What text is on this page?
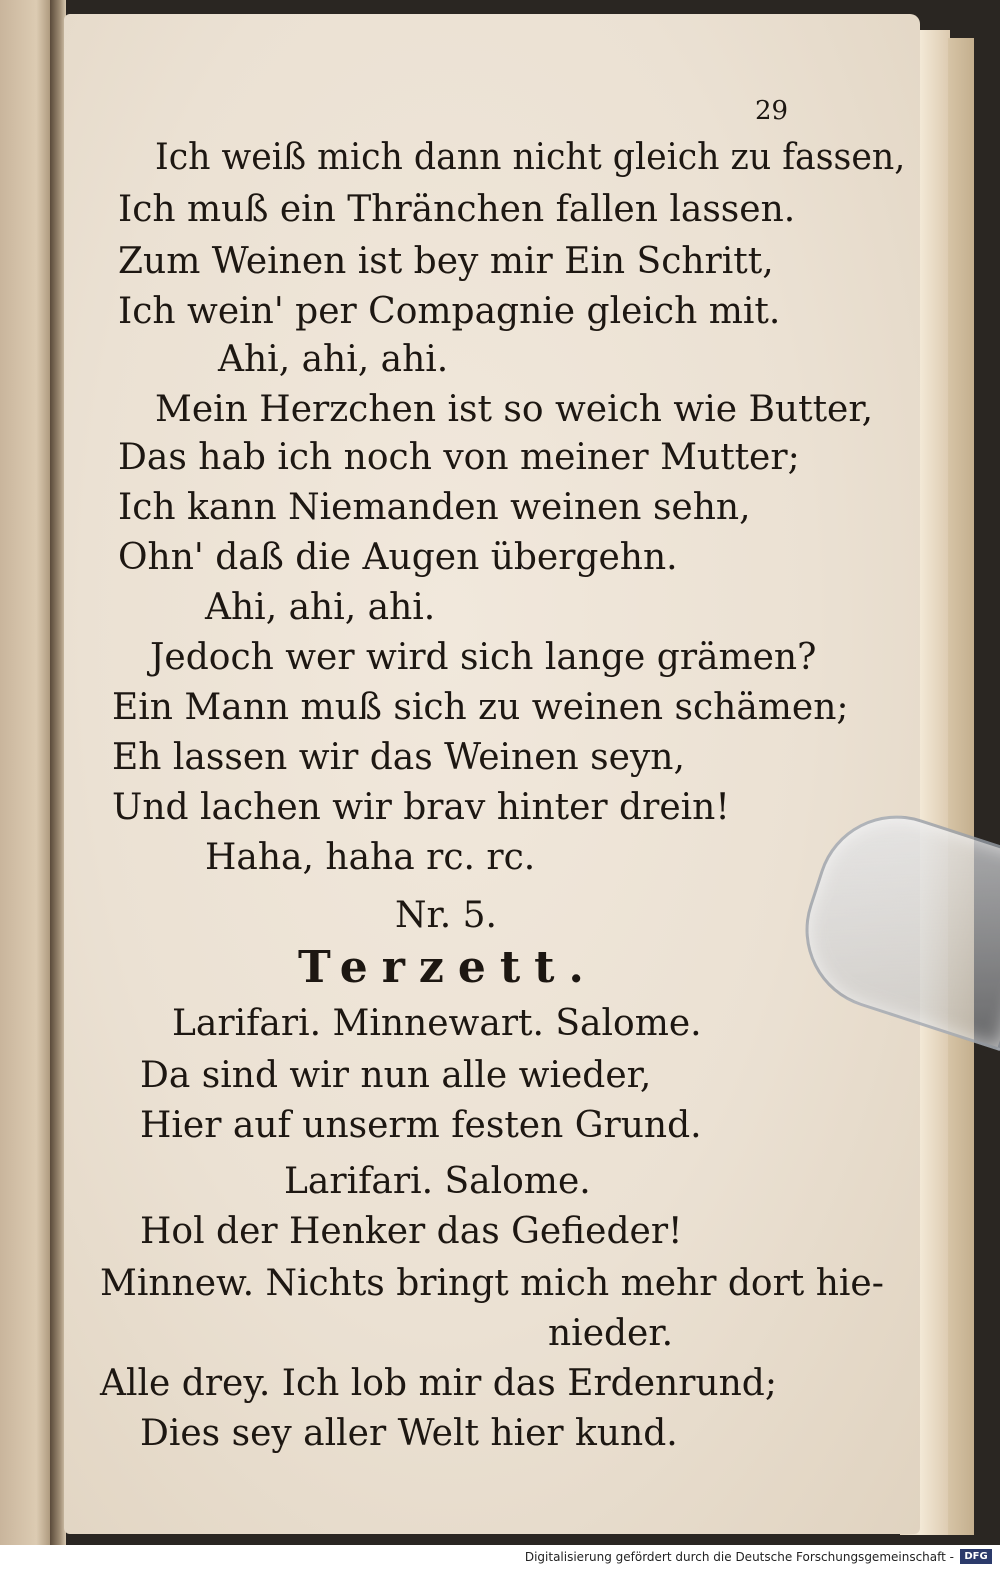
29
Ich weiß mich dann nicht gleich zu fassen,
Ich muß ein Thränchen fallen lassen.
Zum Weinen ist bey mir Ein Schritt,
Ich wein' per Compagnie gleich mit.
Ahi, ahi, ahi.
Mein Herzchen ist so weich wie Butter,
Das hab ich noch von meiner Mutter;
Ich kann Niemanden weinen sehn,
Ohn' daß die Augen übergehn.
Ahi, ahi, ahi.
Jedoch wer wird sich lange grämen?
Ein Mann muß sich zu weinen schämen;
Eh lassen wir das Weinen seyn,
Und lachen wir brav hinter drein!
Haha, haha rc. rc.
Nr. 5.
Terzett.
Larifari. Minnewart. Salome.
Da sind wir nun alle wieder,
Hier auf unserm festen Grund.
Larifari. Salome.
Hol der Henker das Gefieder!
Minnew. Nichts bringt mich mehr dort hie-
nieder.
Alle drey. Ich lob mir das Erdenrund;
Dies sey aller Welt hier kund.
Digitalisierung gefördert durch die Deutsche Forschungsgemeinschaft -	DFG
